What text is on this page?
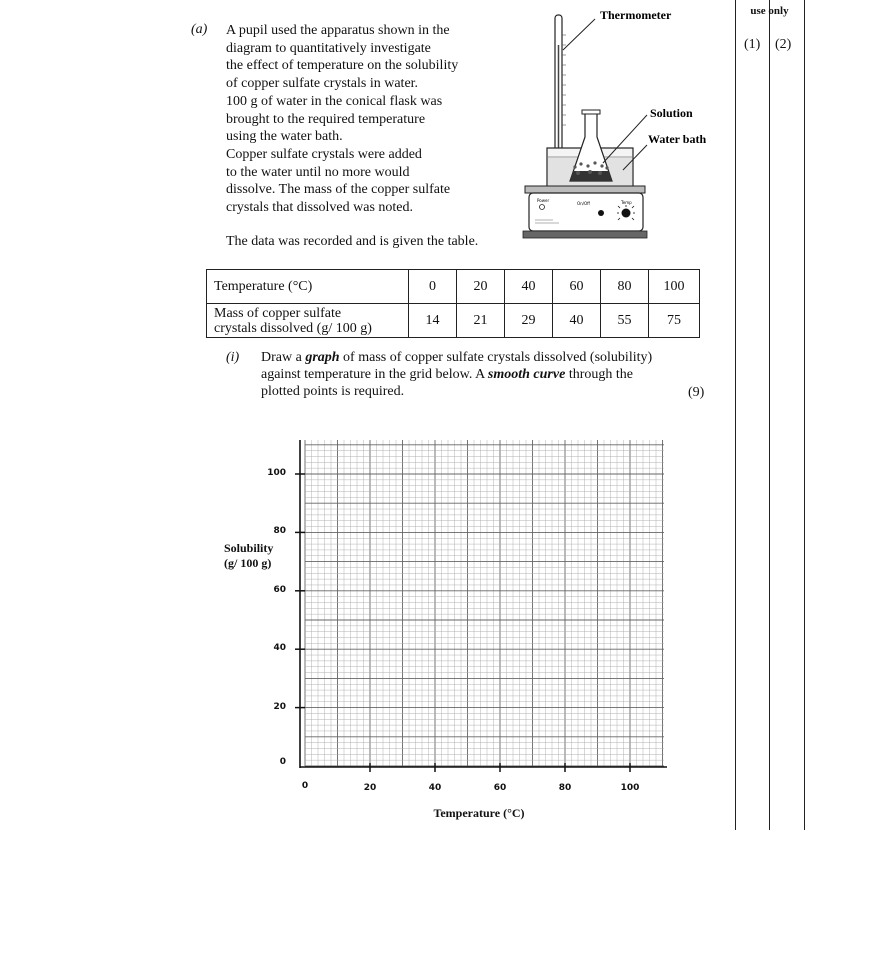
use only
(1) (2)
(a) A pupil used the apparatus shown in the
diagram to quantitatively investigate
the effect of temperature on the solubility
of copper sulfate crystals in water.
100 g of water in the conical flask was
brought to the required temperature
using the water bath.
Copper sulfate crystals were added
to the water until no more would
dissolve. The mass of the copper sulfate
crystals that dissolved was noted.
The data was recorded and is given the table.
Thermometer
Solution
Water bath
Power
On/Off	Temp
Temperature (°C)	0	20	40	60	80	100

Mass of copper sulfate
crystals dissolved (g/ 100 g)	14	21	29	40	55	75
(i) Draw a graph of mass of copper sulfate crystals dissolved (solubility)
against temperature in the grid below. A smooth curve through the
plotted points is required.	(9)
Solubility
(g/ 100 g)
Temperature (°C)
0
20
40
60
80
100
0	20	40	60	80	100
